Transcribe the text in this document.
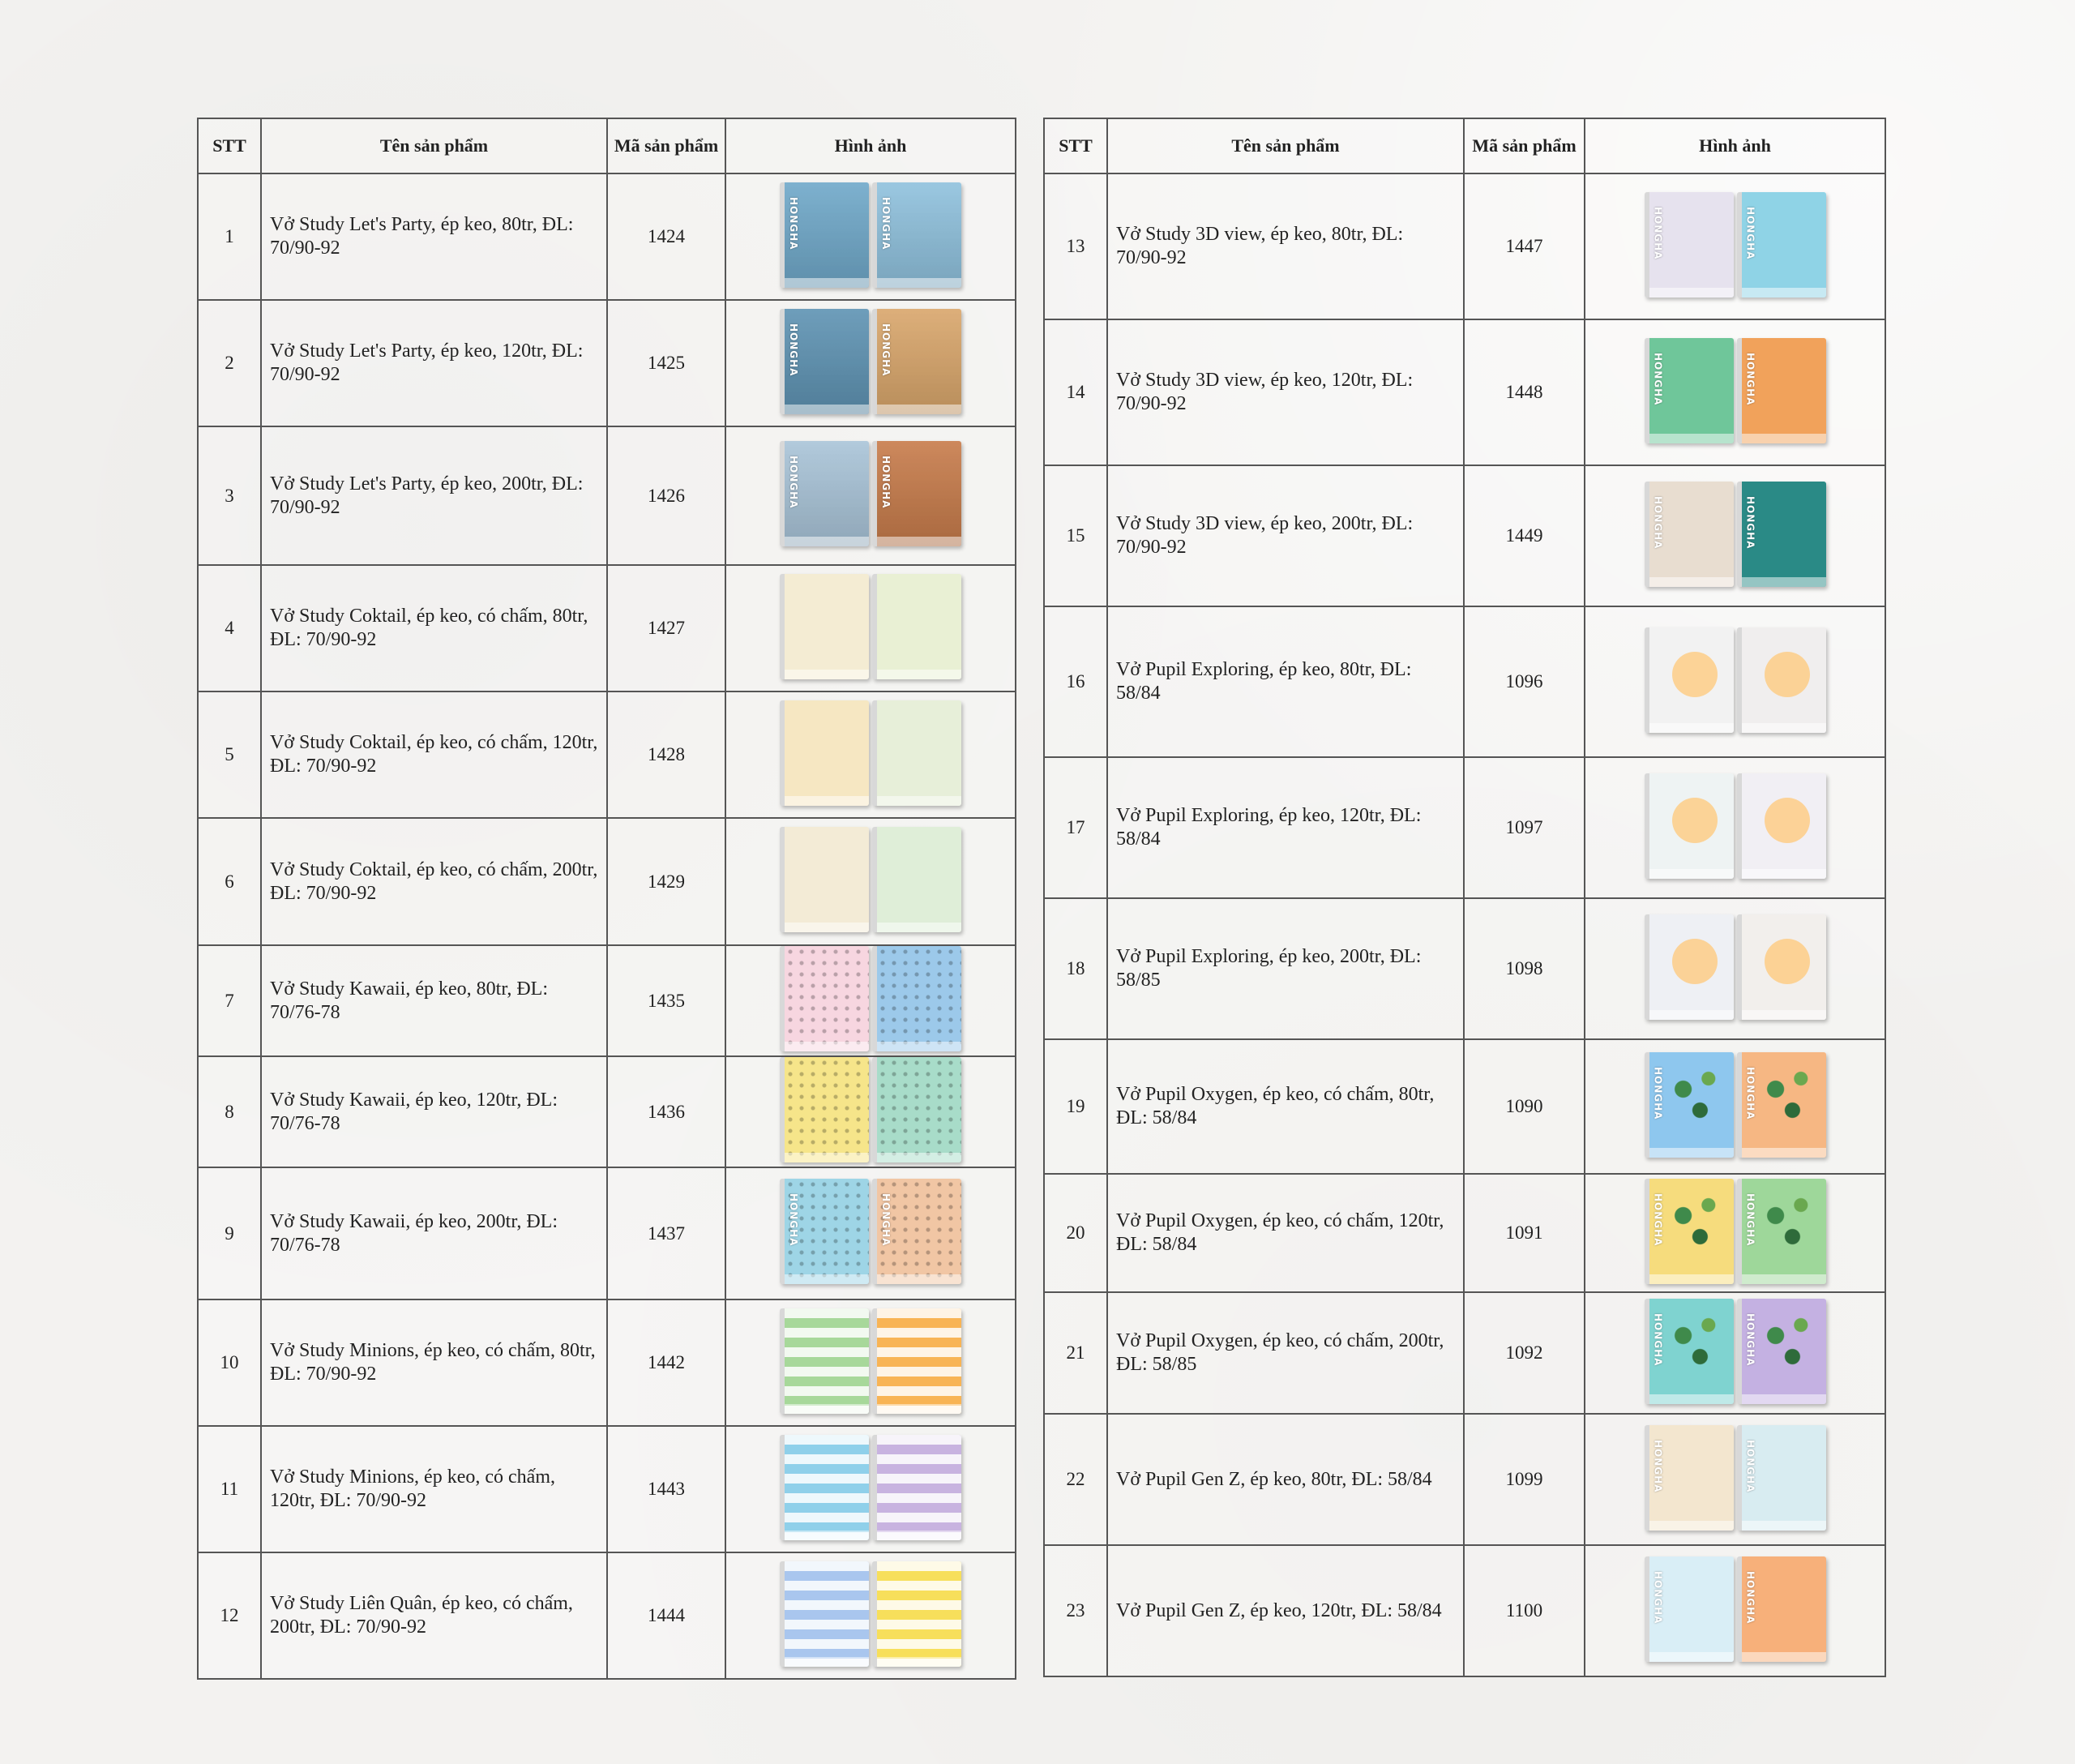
STT	Tên sản phẩm	Mã sản phẩm	Hình ảnh
1	Vở Study Let's Party, ép keo, 80tr, ĐL: 70/90-92	1424	HONGHA HONGHA

2	Vở Study Let's Party, ép keo, 120tr, ĐL: 70/90-92	1425	HONGHA HONGHA

3	Vở Study Let's Party, ép keo, 200tr, ĐL: 70/90-92	1426	HONGHA HONGHA

4	Vở Study Coktail, ép keo, có chấm, 80tr, ĐL: 70/90-92	1427	

5	Vở Study Coktail, ép keo, có chấm, 120tr, ĐL: 70/90-92	1428	

6	Vở Study Coktail, ép keo, có chấm, 200tr, ĐL: 70/90-92	1429	

7	Vở Study Kawaii, ép keo, 80tr, ĐL: 70/76-78	1435	

8	Vở Study Kawaii, ép keo, 120tr, ĐL: 70/76-78	1436	

9	Vở Study Kawaii, ép keo, 200tr, ĐL: 70/76-78	1437	HONGHA HONGHA

10	Vở Study Minions, ép keo, có chấm, 80tr, ĐL: 70/90-92	1442	

11	Vở Study Minions, ép keo, có chấm, 120tr, ĐL: 70/90-92	1443	

12	Vở Study Liên Quân, ép keo, có chấm, 200tr, ĐL: 70/90-92	1444	
STT	Tên sản phẩm	Mã sản phẩm	Hình ảnh
13	Vở Study 3D view, ép keo, 80tr, ĐL: 70/90-92	1447	HONGHA HONGHA

14	Vở Study 3D view, ép keo, 120tr, ĐL: 70/90-92	1448	HONGHA HONGHA

15	Vở Study 3D view, ép keo, 200tr, ĐL: 70/90-92	1449	HONGHA HONGHA

16	Vở Pupil Exploring, ép keo, 80tr, ĐL: 58/84	1096	

17	Vở Pupil Exploring, ép keo, 120tr, ĐL: 58/84	1097	

18	Vở Pupil Exploring, ép keo, 200tr, ĐL: 58/85	1098	

19	Vở Pupil Oxygen, ép keo, có chấm, 80tr, ĐL: 58/84	1090	HONGHA HONGHA

20	Vở Pupil Oxygen, ép keo, có chấm, 120tr, ĐL: 58/84	1091	HONGHA HONGHA

21	Vở Pupil Oxygen, ép keo, có chấm, 200tr, ĐL: 58/85	1092	HONGHA HONGHA

22	Vở Pupil Gen Z, ép keo, 80tr, ĐL: 58/84	1099	HONGHA HONGHA

23	Vở Pupil Gen Z, ép keo, 120tr, ĐL: 58/84	1100	HONGHA HONGHA
